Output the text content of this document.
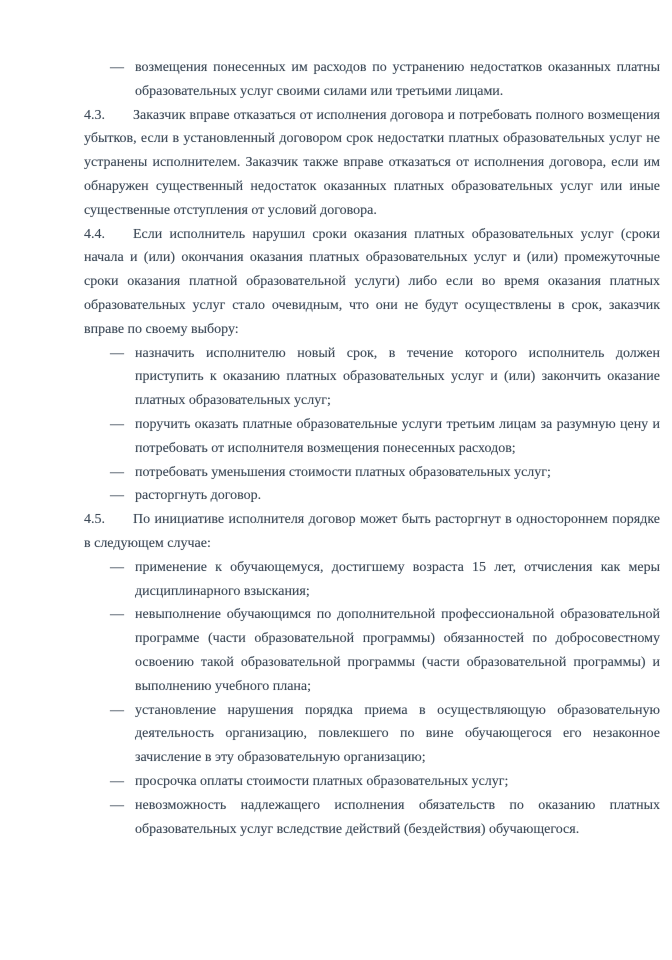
— возмещения понесенных им расходов по устранению недостатков оказанных платны образовательных услуг своими силами или третьими лицами.

4.3. Заказчик вправе отказаться от исполнения договора и потребовать полного возмещения убытков, если в установленный договором срок недостатки платных образовательных услуг не устранены исполнителем. Заказчик также вправе отказаться от исполнения договора, если им обнаружен существенный недостаток оказанных платных образовательных услуг или иные существенные отступления от условий договора.

4.4. Если исполнитель нарушил сроки оказания платных образовательных услуг (сроки начала и (или) окончания оказания платных образовательных услуг и (или) промежуточные сроки оказания платной образовательной услуги) либо если во время оказания платных образовательных услуг стало очевидным, что они не будут осуществлены в срок, заказчик вправе по своему выбору:

— назначить исполнителю новый срок, в течение которого исполнитель должен приступить к оказанию платных образовательных услуг и (или) закончить оказание платных образовательных услуг;
— поручить оказать платные образовательные услуги третьим лицам за разумную цену и потребовать от исполнителя возмещения понесенных расходов;
— потребовать уменьшения стоимости платных образовательных услуг;
— расторгнуть договор.

4.5. По инициативе исполнителя договор может быть расторгнут в одностороннем порядке в следующем случае:

— применение к обучающемуся, достигшему возраста 15 лет, отчисления как меры дисциплинарного взыскания;
— невыполнение обучающимся по дополнительной профессиональной образовательной программе (части образовательной программы) обязанностей по добросовестному освоению такой образовательной программы (части образовательной программы) и выполнению учебного плана;
— установление нарушения порядка приема в осуществляющую образовательную деятельность организацию, повлекшего по вине обучающегося его незаконное зачисление в эту образовательную организацию;
— просрочка оплаты стоимости платных образовательных услуг;
— невозможность надлежащего исполнения обязательств по оказанию платных образовательных услуг вследствие действий (бездействия) обучающегося.
